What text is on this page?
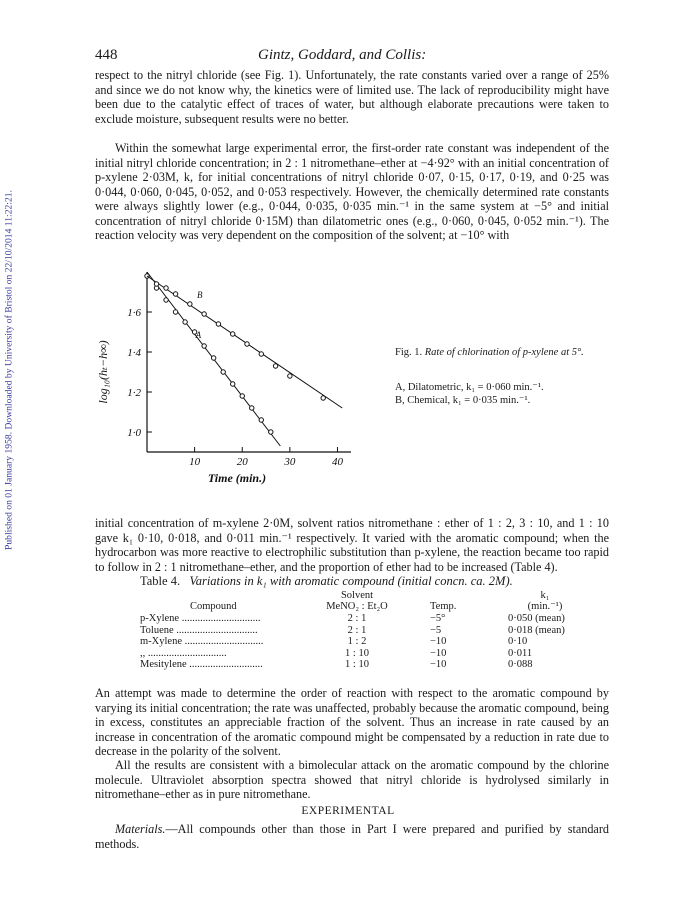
Published on 01 January 1958. Downloaded by University of Bristol on 22/10/2014 11:22:21.
448	Gintz, Goddard, and Collis:

respect to the nitryl chloride (see Fig. 1). Unfortunately, the rate constants varied over a range of 25% and since we do not know why, the kinetics were of limited use. The lack of reproducibility might have been due to the catalytic effect of traces of water, but although elaborate precautions were taken to exclude moisture, subsequent results were no better.

Within the somewhat large experimental error, the first-order rate constant was independent of the initial nitryl chloride concentration; in 2 : 1 nitromethane–ether at −4·92° with an initial concentration of p-xylene 2·03M, k, for initial concentrations of nitryl chloride 0·07, 0·15, 0·17, 0·19, and 0·25 was 0·044, 0·060, 0·045, 0·052, and 0·053 respectively. However, the chemically determined rate constants were always slightly lower (e.g., 0·044, 0·035, 0·035 min.⁻¹ in the same system at −5° and initial concentration of nitryl chloride 0·15M) than dilatometric ones (e.g., 0·060, 0·045, 0·052 min.⁻¹). The reaction velocity was very dependent on the composition of the solvent; at −10° with

10	20	30	40
1·0
1·2
1·4
1·6
Time (min.)
log₁₀(hₜ−h∞)
A
B
Fig. 1. Rate of chlorination of p-xylene at 5°.
A, Dilatometric, k₁ = 0·060 min.⁻¹.
B, Chemical, k₁ = 0·035 min.⁻¹.

initial concentration of m-xylene 2·0M, solvent ratios nitromethane : ether of 1 : 2, 3 : 10, and 1 : 10 gave k₁ 0·10, 0·018, and 0·011 min.⁻¹ respectively. It varied with the aromatic compound; when the hydrocarbon was more reactive to electrophilic substitution than p-xylene, the reaction became too rapid to follow in 2 : 1 nitromethane–ether, and the proportion of ether had to be increased (Table 4).

Table 4. Variations in k₁ with aromatic compound (initial concn. ca. 2M).
Solvent
Compound	MeNO₂ : Et₂O	Temp.
k₁
(min.⁻¹)
p-Xylene ..............................	2 : 1	−5°	0·050 (mean)
Toluene ...............................	2 : 1	−5	0·018 (mean)
m-Xylene ..............................	1 : 2	−10	0·10
,, ..............................	1 : 10	−10	0·011
Mesitylene ............................	1 : 10	−10	0·088

An attempt was made to determine the order of reaction with respect to the aromatic compound by varying its initial concentration; the rate was unaffected, probably because the aromatic compound, being in excess, constitutes an appreciable fraction of the solvent. Thus an increase in rate caused by an increase in concentration of the aromatic compound might be compensated by a reduction in rate due to decrease in the polarity of the solvent.

All the results are consistent with a bimolecular attack on the aromatic compound by the chlorine molecule. Ultraviolet absorption spectra showed that nitryl chloride is hydrolysed similarly in nitromethane–ether as in pure nitromethane.

EXPERIMENTAL

Materials.—All compounds other than those in Part I were prepared and purified by standard methods.
